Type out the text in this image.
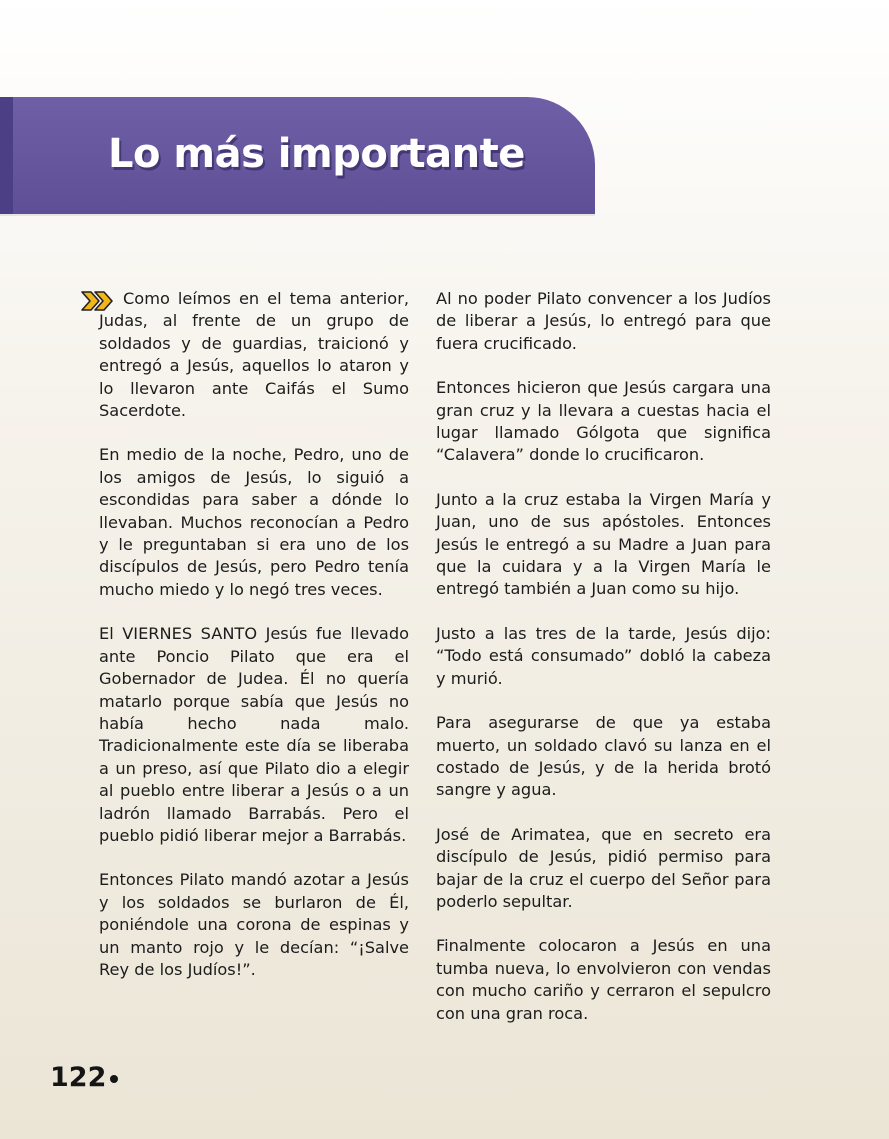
Lo más importante

Como leímos en el tema anterior, Judas, al frente de un grupo de soldados y de guardias, traicionó y entregó a Jesús, aquellos lo ataron y lo llevaron ante Caifás el Sumo Sacerdote.

En medio de la noche, Pedro, uno de los amigos de Jesús, lo siguió a escondidas para saber a dónde lo llevaban. Muchos reconocían a Pedro y le preguntaban si era uno de los discípulos de Jesús, pero Pedro tenía mucho miedo y lo negó tres veces.

El VIERNES SANTO Jesús fue llevado ante Poncio Pilato que era el Gobernador de Judea. Él no quería matarlo porque sabía que Jesús no había hecho nada malo. Tradicionalmente este día se liberaba a un preso, así que Pilato dio a elegir al pueblo entre liberar a Jesús o a un ladrón llamado Barrabás. Pero el pueblo pidió liberar mejor a Barrabás.

Entonces Pilato mandó azotar a Jesús y los soldados se burlaron de Él, poniéndole una corona de espinas y un manto rojo y le decían: “¡Salve Rey de los Judíos!”.

Al no poder Pilato convencer a los Judíos de liberar a Jesús, lo entregó para que fuera crucificado.

Entonces hicieron que Jesús cargara una gran cruz y la llevara a cuestas hacia el lugar llamado Gólgota que significa “Calavera” donde lo crucificaron.

Junto a la cruz estaba la Virgen María y Juan, uno de sus apóstoles. Entonces Jesús le entregó a su Madre a Juan para que la cuidara y a la Virgen María le entregó también a Juan como su hijo.

Justo a las tres de la tarde, Jesús dijo: “Todo está consumado” dobló la cabeza y murió.

Para asegurarse de que ya estaba muerto, un soldado clavó su lanza en el costado de Jesús, y de la herida brotó sangre y agua.

José de Arimatea, que en secreto era discípulo de Jesús, pidió permiso para bajar de la cruz el cuerpo del Señor para poderlo sepultar.

Finalmente colocaron a Jesús en una tumba nueva, lo envolvieron con vendas con mucho cariño y cerraron el sepulcro con una gran roca.

122
